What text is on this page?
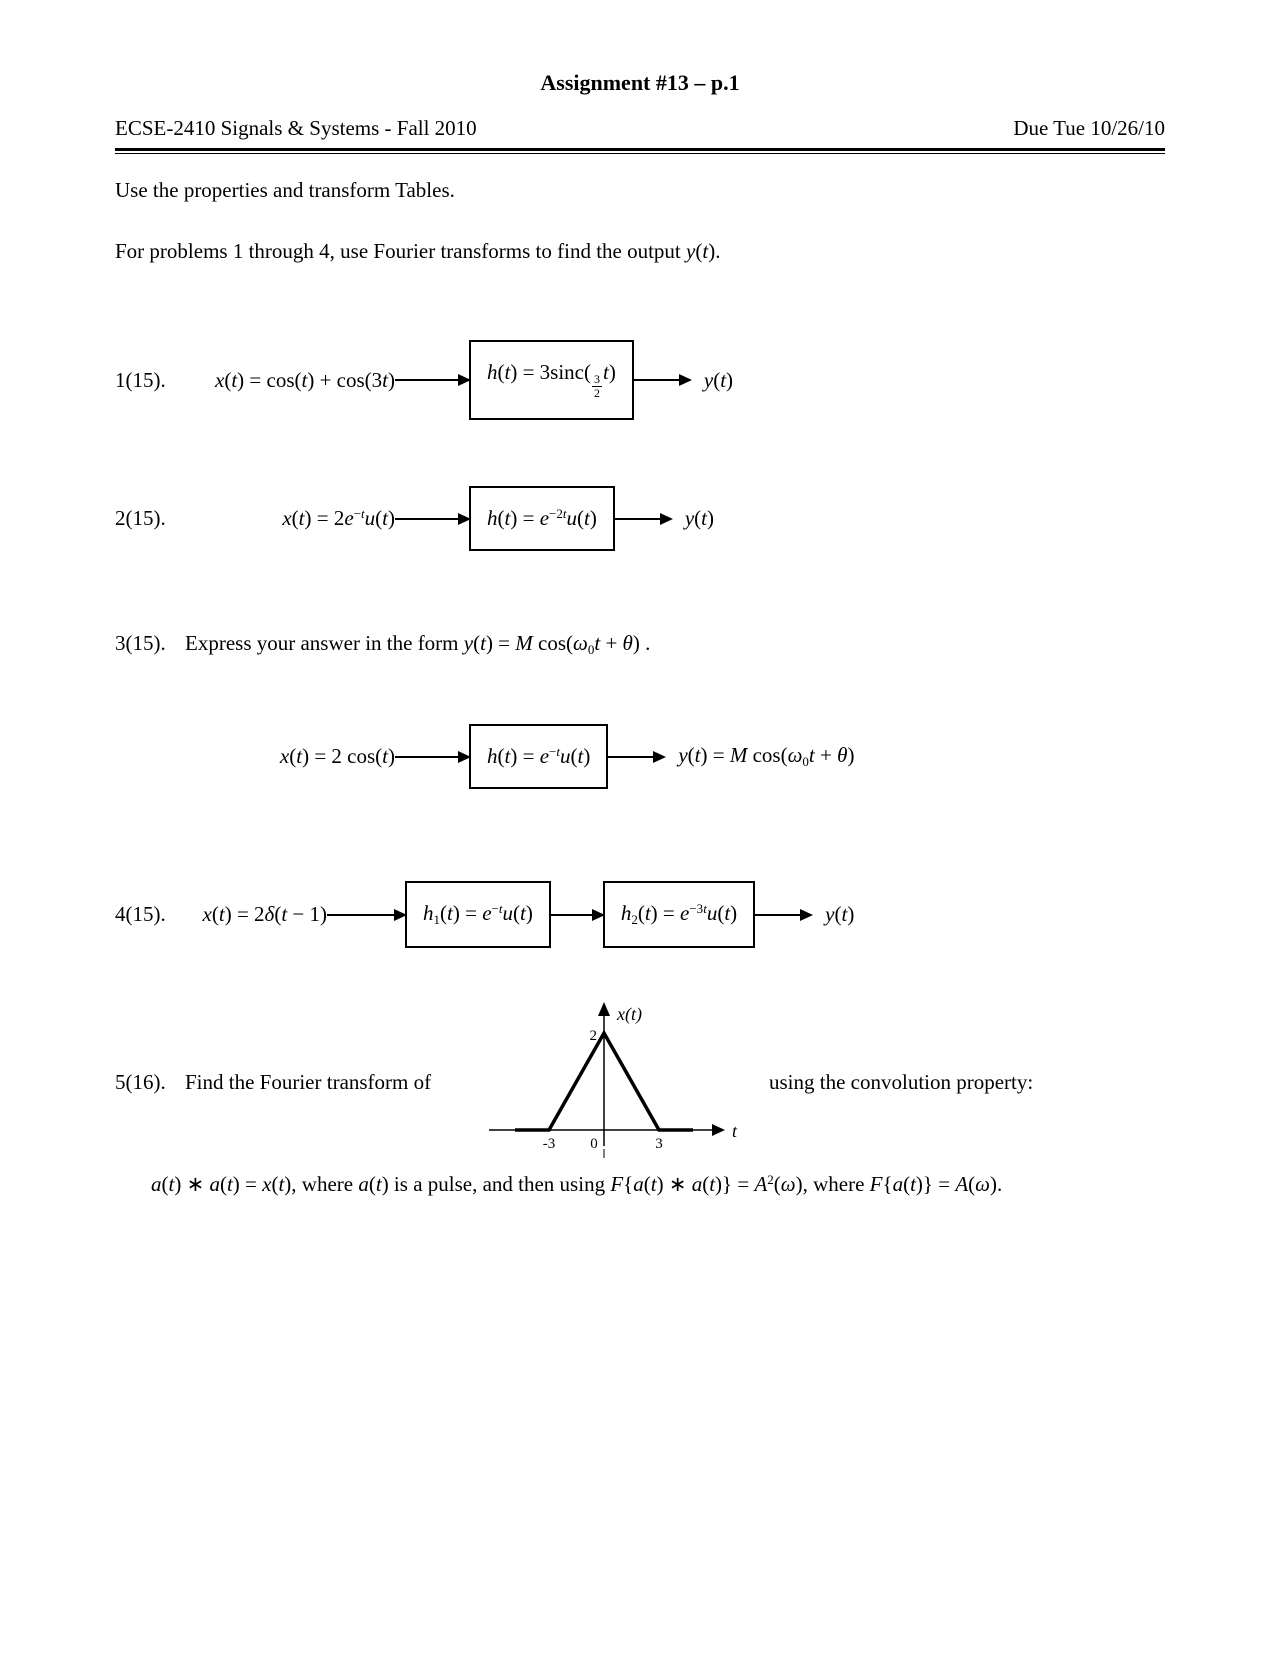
Assignment #13 – p.1
ECSE-2410 Signals & Systems - Fall 2010	Due Tue 10/26/10

Use the properties and transform Tables.

For problems 1 through 4, use Fourier transforms to find the output y(t).

1(15). x(t) = cos(t) + cos(3t)	h(t) = 3sinc(
$\frac{3}{2}$
t)	y(t)
2(15).	$x(t) = 2e^{-t}u(t)$	$h(t) = e^{-2t}u(t)$	y(t)

3(15). Express your answer in the form y(t) = M $\cos(\omega_0t + \theta)$ .

x(t) = 2 cos(t)	$h(t) = e^{-t}u(t)$	y(t) = M $\cos(\omega_0t + \theta)$
4(15). x(t) = 2δ(t − 1)	$h_1(t) = e^{-t}u(t)$	$h_2(t) = e^{-3t}u(t)$	y(t)
5(16). Find the Fourier transform of
x(t)
2
-3 0	3
t
using the convolution property:

a(t) ∗ a(t) = x(t), where a(t) is a pulse, and then using F{a(t) ∗ $a(t)\} = A^2(\omega)$, where F{a(t)} = A(ω).
